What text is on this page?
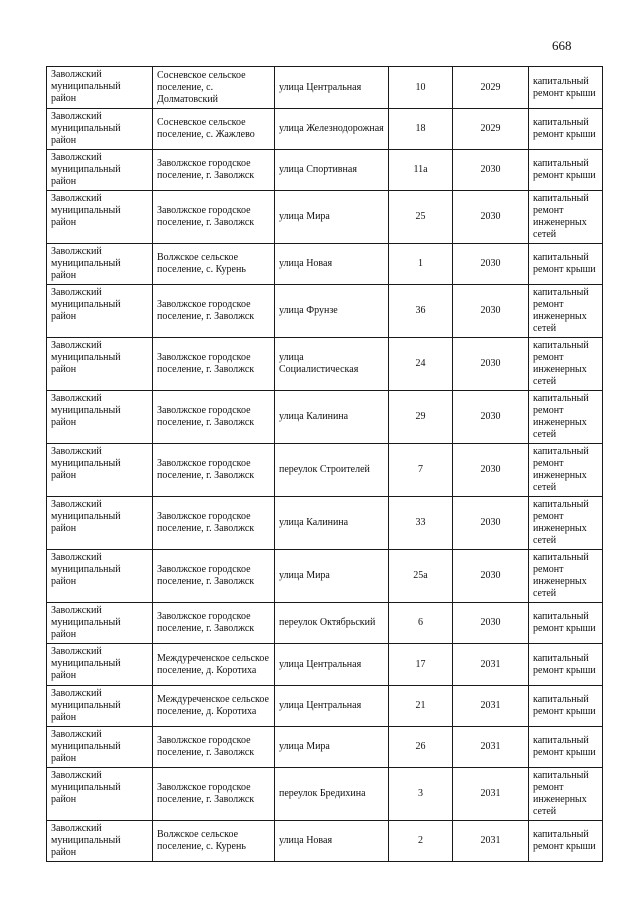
668
Заволжский муниципальный район	Сосневское сельское поселение, с. Долматовский	улица Центральная	10	2029	капитальный ремонт крыши
Заволжский муниципальный район	Сосневское сельское поселение, с. Жажлево	улица Железнодорожная	18	2029	капитальный ремонт крыши
Заволжский муниципальный район	Заволжское городское поселение, г. Заволжск	улица Спортивная	11а	2030	капитальный ремонт крыши
Заволжский муниципальный район	Заволжское городское поселение, г. Заволжск	улица Мира	25	2030	капитальный ремонт инженерных сетей
Заволжский муниципальный район	Волжское сельское поселение, с. Курень	улица Новая	1	2030	капитальный ремонт крыши
Заволжский муниципальный район	Заволжское городское поселение, г. Заволжск	улица Фрунзе	36	2030	капитальный ремонт инженерных сетей
Заволжский муниципальный район	Заволжское городское поселение, г. Заволжск	улица Социалистическая	24	2030	капитальный ремонт инженерных сетей
Заволжский муниципальный район	Заволжское городское поселение, г. Заволжск	улица Калинина	29	2030	капитальный ремонт инженерных сетей
Заволжский муниципальный район	Заволжское городское поселение, г. Заволжск	переулок Строителей	7	2030	капитальный ремонт инженерных сетей
Заволжский муниципальный район	Заволжское городское поселение, г. Заволжск	улица Калинина	33	2030	капитальный ремонт инженерных сетей
Заволжский муниципальный район	Заволжское городское поселение, г. Заволжск	улица Мира	25а	2030	капитальный ремонт инженерных сетей
Заволжский муниципальный район	Заволжское городское поселение, г. Заволжск	переулок Октябрьский	6	2030	капитальный ремонт крыши
Заволжский муниципальный район	Междуреченское сельское поселение, д. Коротиха	улица Центральная	17	2031	капитальный ремонт крыши
Заволжский муниципальный район	Междуреченское сельское поселение, д. Коротиха	улица Центральная	21	2031	капитальный ремонт крыши
Заволжский муниципальный район	Заволжское городское поселение, г. Заволжск	улица Мира	26	2031	капитальный ремонт крыши
Заволжский муниципальный район	Заволжское городское поселение, г. Заволжск	переулок Бредихина	3	2031	капитальный ремонт инженерных сетей
Заволжский муниципальный район	Волжское сельское поселение, с. Курень	улица Новая	2	2031	капитальный ремонт крыши
